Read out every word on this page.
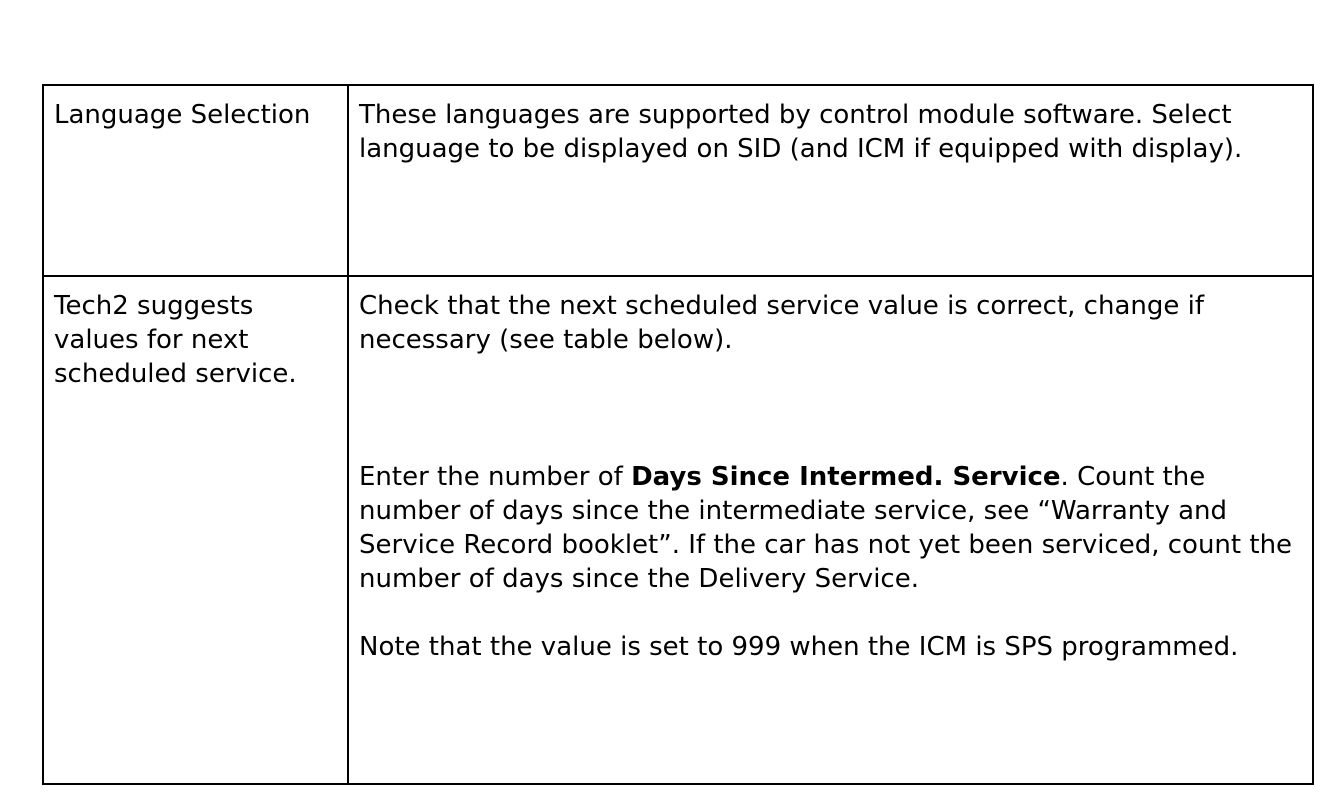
Language Selection	These languages are supported by control module software. Select language to be displayed on SID (and ICM if equipped with display).

Tech2 suggests values for next scheduled service.	Check that the next scheduled service value is correct, change if necessary (see table below).

Enter the number of Days Since Intermed. Service. Count the number of days since the intermediate service, see “Warranty and Service Record booklet”. If the car has not yet been serviced, count the number of days since the Delivery Service.

Note that the value is set to 999 when the ICM is SPS programmed.
